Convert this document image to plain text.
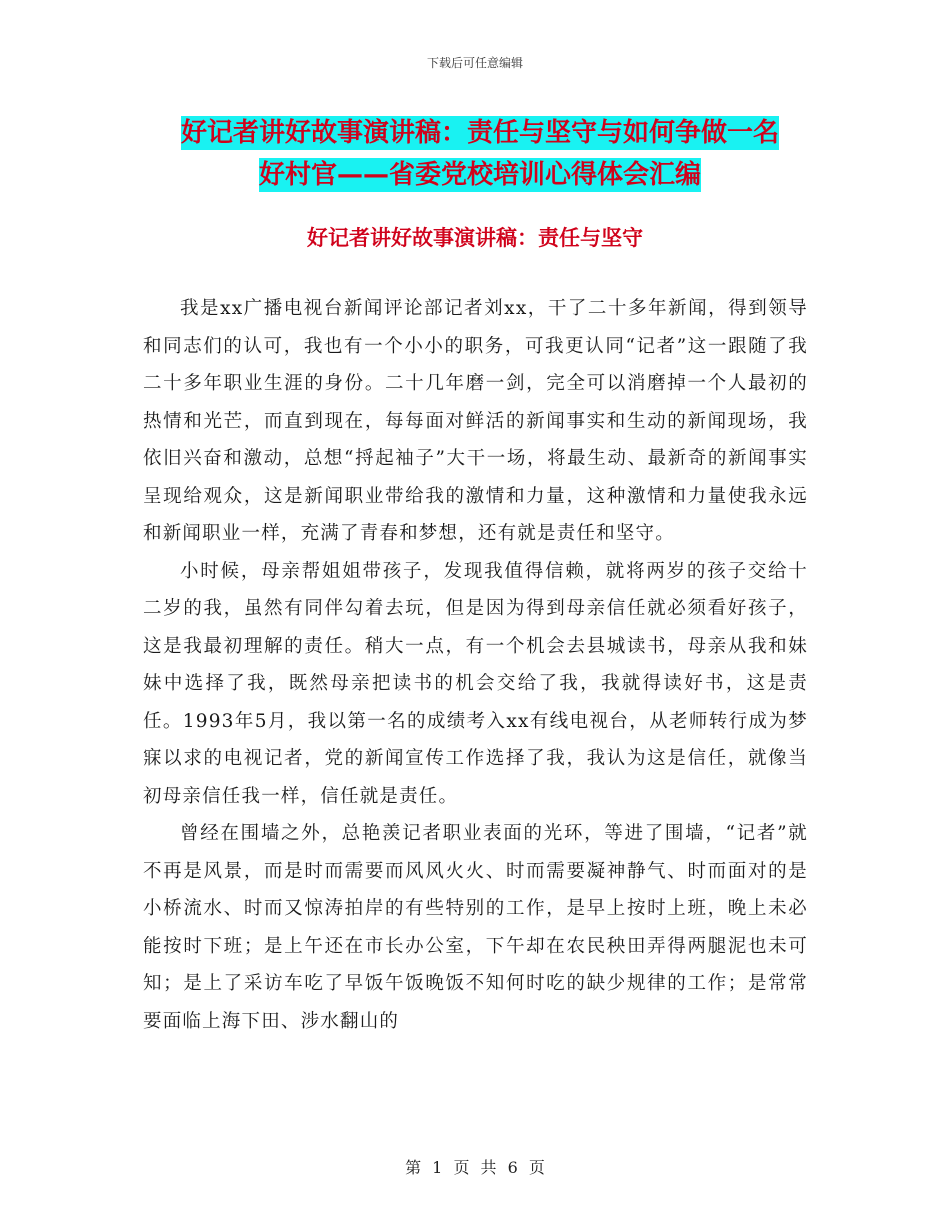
下载后可任意编辑
好记者讲好故事演讲稿：责任与坚守与如何争做一名
好村官——省委党校培训心得体会汇编
好记者讲好故事演讲稿：责任与坚守

我是xx广播电视台新闻评论部记者刘xx，干了二十多年新闻，得到领导和同志们的认可，我也有一个小小的职务，可我更认同“记者”这一跟随了我二十多年职业生涯的身份。二十几年磨一剑，完全可以消磨掉一个人最初的热情和光芒，而直到现在，每每面对鲜活的新闻事实和生动的新闻现场，我依旧兴奋和激动，总想“捋起袖子”大干一场，将最生动、最新奇的新闻事实呈现给观众，这是新闻职业带给我的激情和力量，这种激情和力量使我永远和新闻职业一样，充满了青春和梦想，还有就是责任和坚守。

小时候，母亲帮姐姐带孩子，发现我值得信赖，就将两岁的孩子交给十二岁的我，虽然有同伴勾着去玩，但是因为得到母亲信任就必须看好孩子，这是我最初理解的责任。稍大一点，有一个机会去县城读书，母亲从我和妹妹中选择了我，既然母亲把读书的机会交给了我，我就得读好书，这是责任。1993年5月，我以第一名的成绩考入xx有线电视台，从老师转行成为梦寐以求的电视记者，党的新闻宣传工作选择了我，我认为这是信任，就像当初母亲信任我一样，信任就是责任。

曾经在围墙之外，总艳羡记者职业表面的光环，等进了围墙，“记者”就不再是风景，而是时而需要而风风火火、时而需要凝神静气、时而面对的是小桥流水、时而又惊涛拍岸的有些特别的工作，是早上按时上班，晚上未必能按时下班；是上午还在市长办公室，下午却在农民秧田弄得两腿泥也未可知；是上了采访车吃了早饭午饭晚饭不知何时吃的缺少规律的工作；是常常要面临上海下田、涉水翻山的

第 1 页 共 6 页
